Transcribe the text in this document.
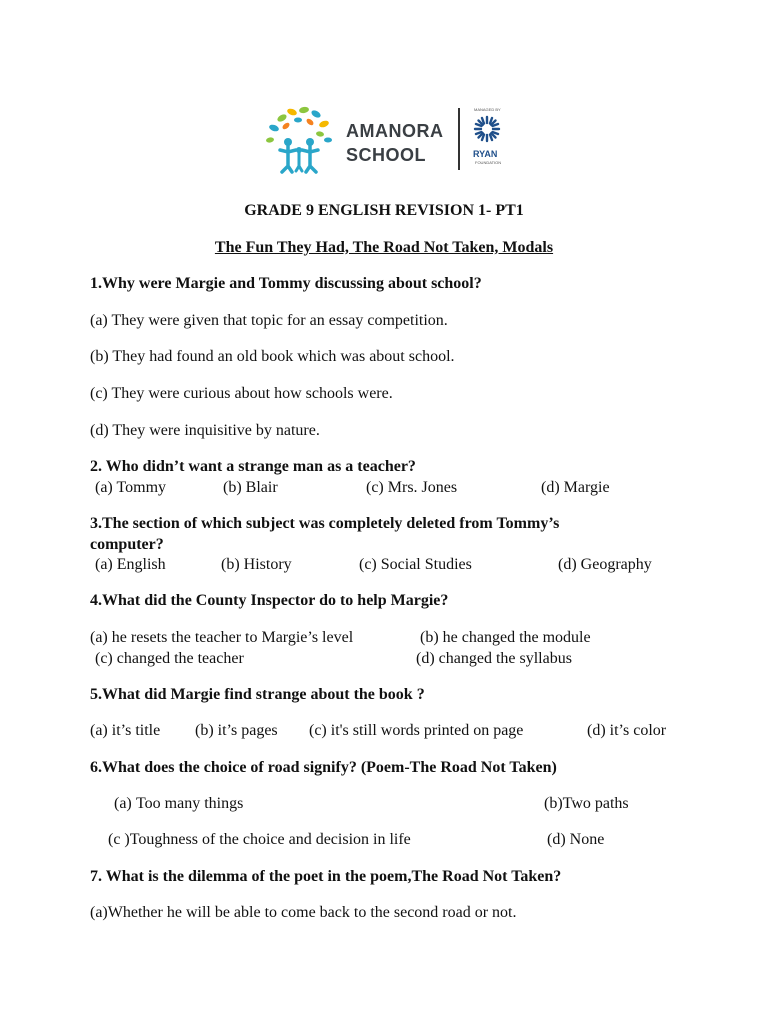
AMANORA
SCHOOL
MANAGED BY
RYAN
FOUNDATION
GRADE 9 ENGLISH REVISION 1- PT1
The Fun They Had, The Road Not Taken, Modals
1.Why were Margie and Tommy discussing about school?
(a) They were given that topic for an essay competition.
(b) They had found an old book which was about school.
(c) They were curious about how schools were.
(d) They were inquisitive by nature.
2. Who didn’t want a strange man as a teacher?
(a) Tommy	(b) Blair	(c) Mrs. Jones	(d) Margie
3.The section of which subject was completely deleted from Tommy’s
computer?
(a) English	(b) History	(c) Social Studies	(d) Geography
4.What did the County Inspector do to help Margie?
(a) he resets the teacher to Margie’s level	(b) he changed the module
(c) changed the teacher	(d) changed the syllabus
5.What did Margie find strange about the book ?
(a) it’s title (b) it’s pages (c) it's still words printed on page	(d) it’s color
6.What does the choice of road signify? (Poem-The Road Not Taken)
(a) Too many things	(b)Two paths
(c )Toughness of the choice and decision in life	(d) None
7. What is the dilemma of the poet in the poem,The Road Not Taken?
(a)Whether he will be able to come back to the second road or not.
